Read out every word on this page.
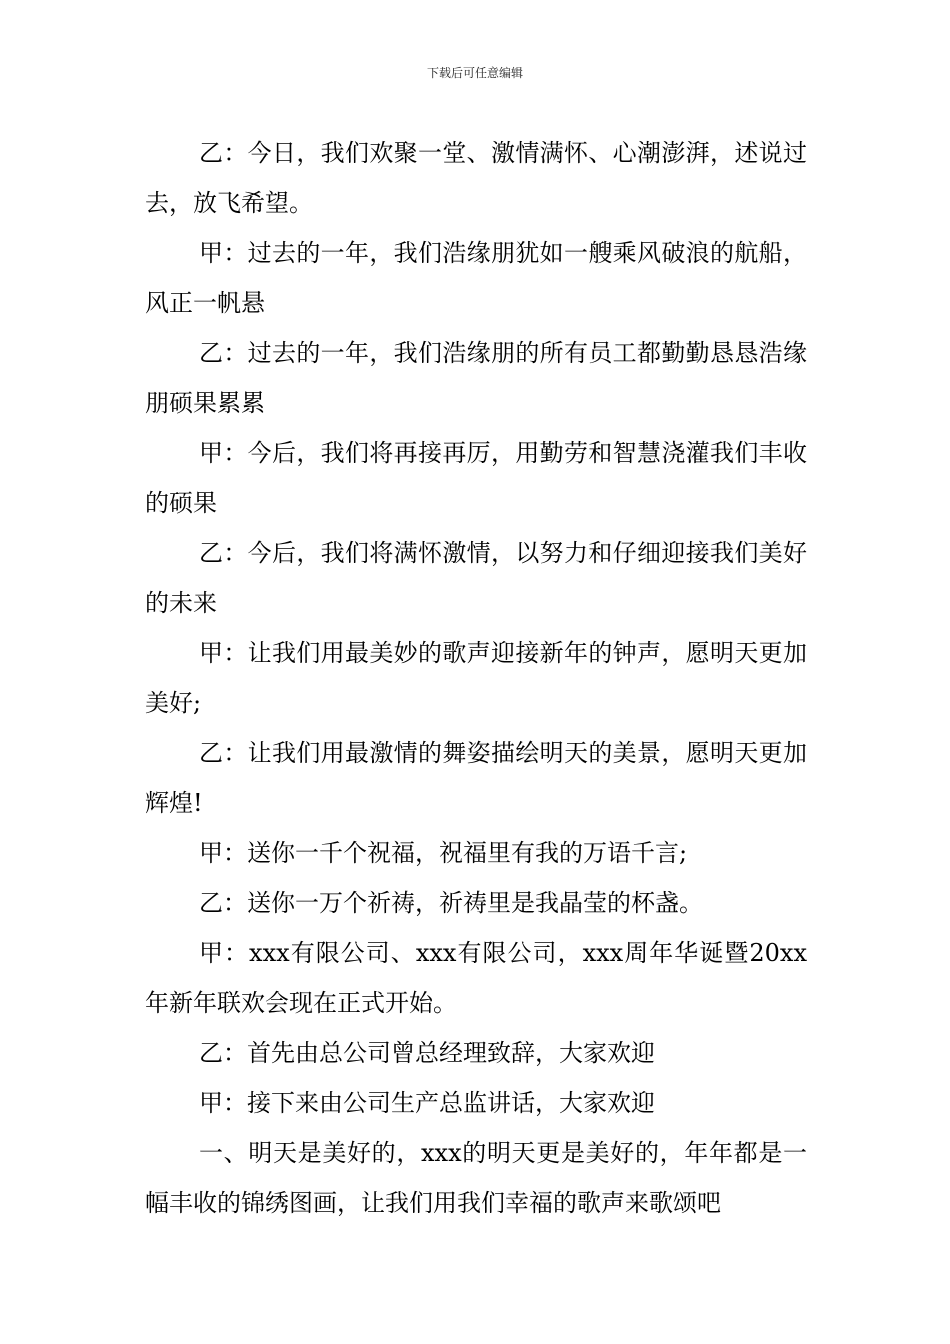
下载后可任意编辑

乙：今日，我们欢聚一堂、激情满怀、心潮澎湃，述说过去，放飞希望。

甲：过去的一年，我们浩缘朋犹如一艘乘风破浪的航船，风正一帆悬

乙：过去的一年，我们浩缘朋的所有员工都勤勤恳恳浩缘朋硕果累累

甲：今后，我们将再接再厉，用勤劳和智慧浇灌我们丰收的硕果

乙：今后，我们将满怀激情，以努力和仔细迎接我们美好的未来

甲：让我们用最美妙的歌声迎接新年的钟声，愿明天更加美好;

乙：让我们用最激情的舞姿描绘明天的美景，愿明天更加辉煌!

甲：送你一千个祝福，祝福里有我的万语千言;

乙：送你一万个祈祷，祈祷里是我晶莹的杯盏。

甲：xxx有限公司、xxx有限公司，xxx周年华诞暨20xx年新年联欢会现在正式开始。

乙：首先由总公司曾总经理致辞，大家欢迎

甲：接下来由公司生产总监讲话，大家欢迎

一、明天是美好的，xxx的明天更是美好的，年年都是一幅丰收的锦绣图画，让我们用我们幸福的歌声来歌颂吧
